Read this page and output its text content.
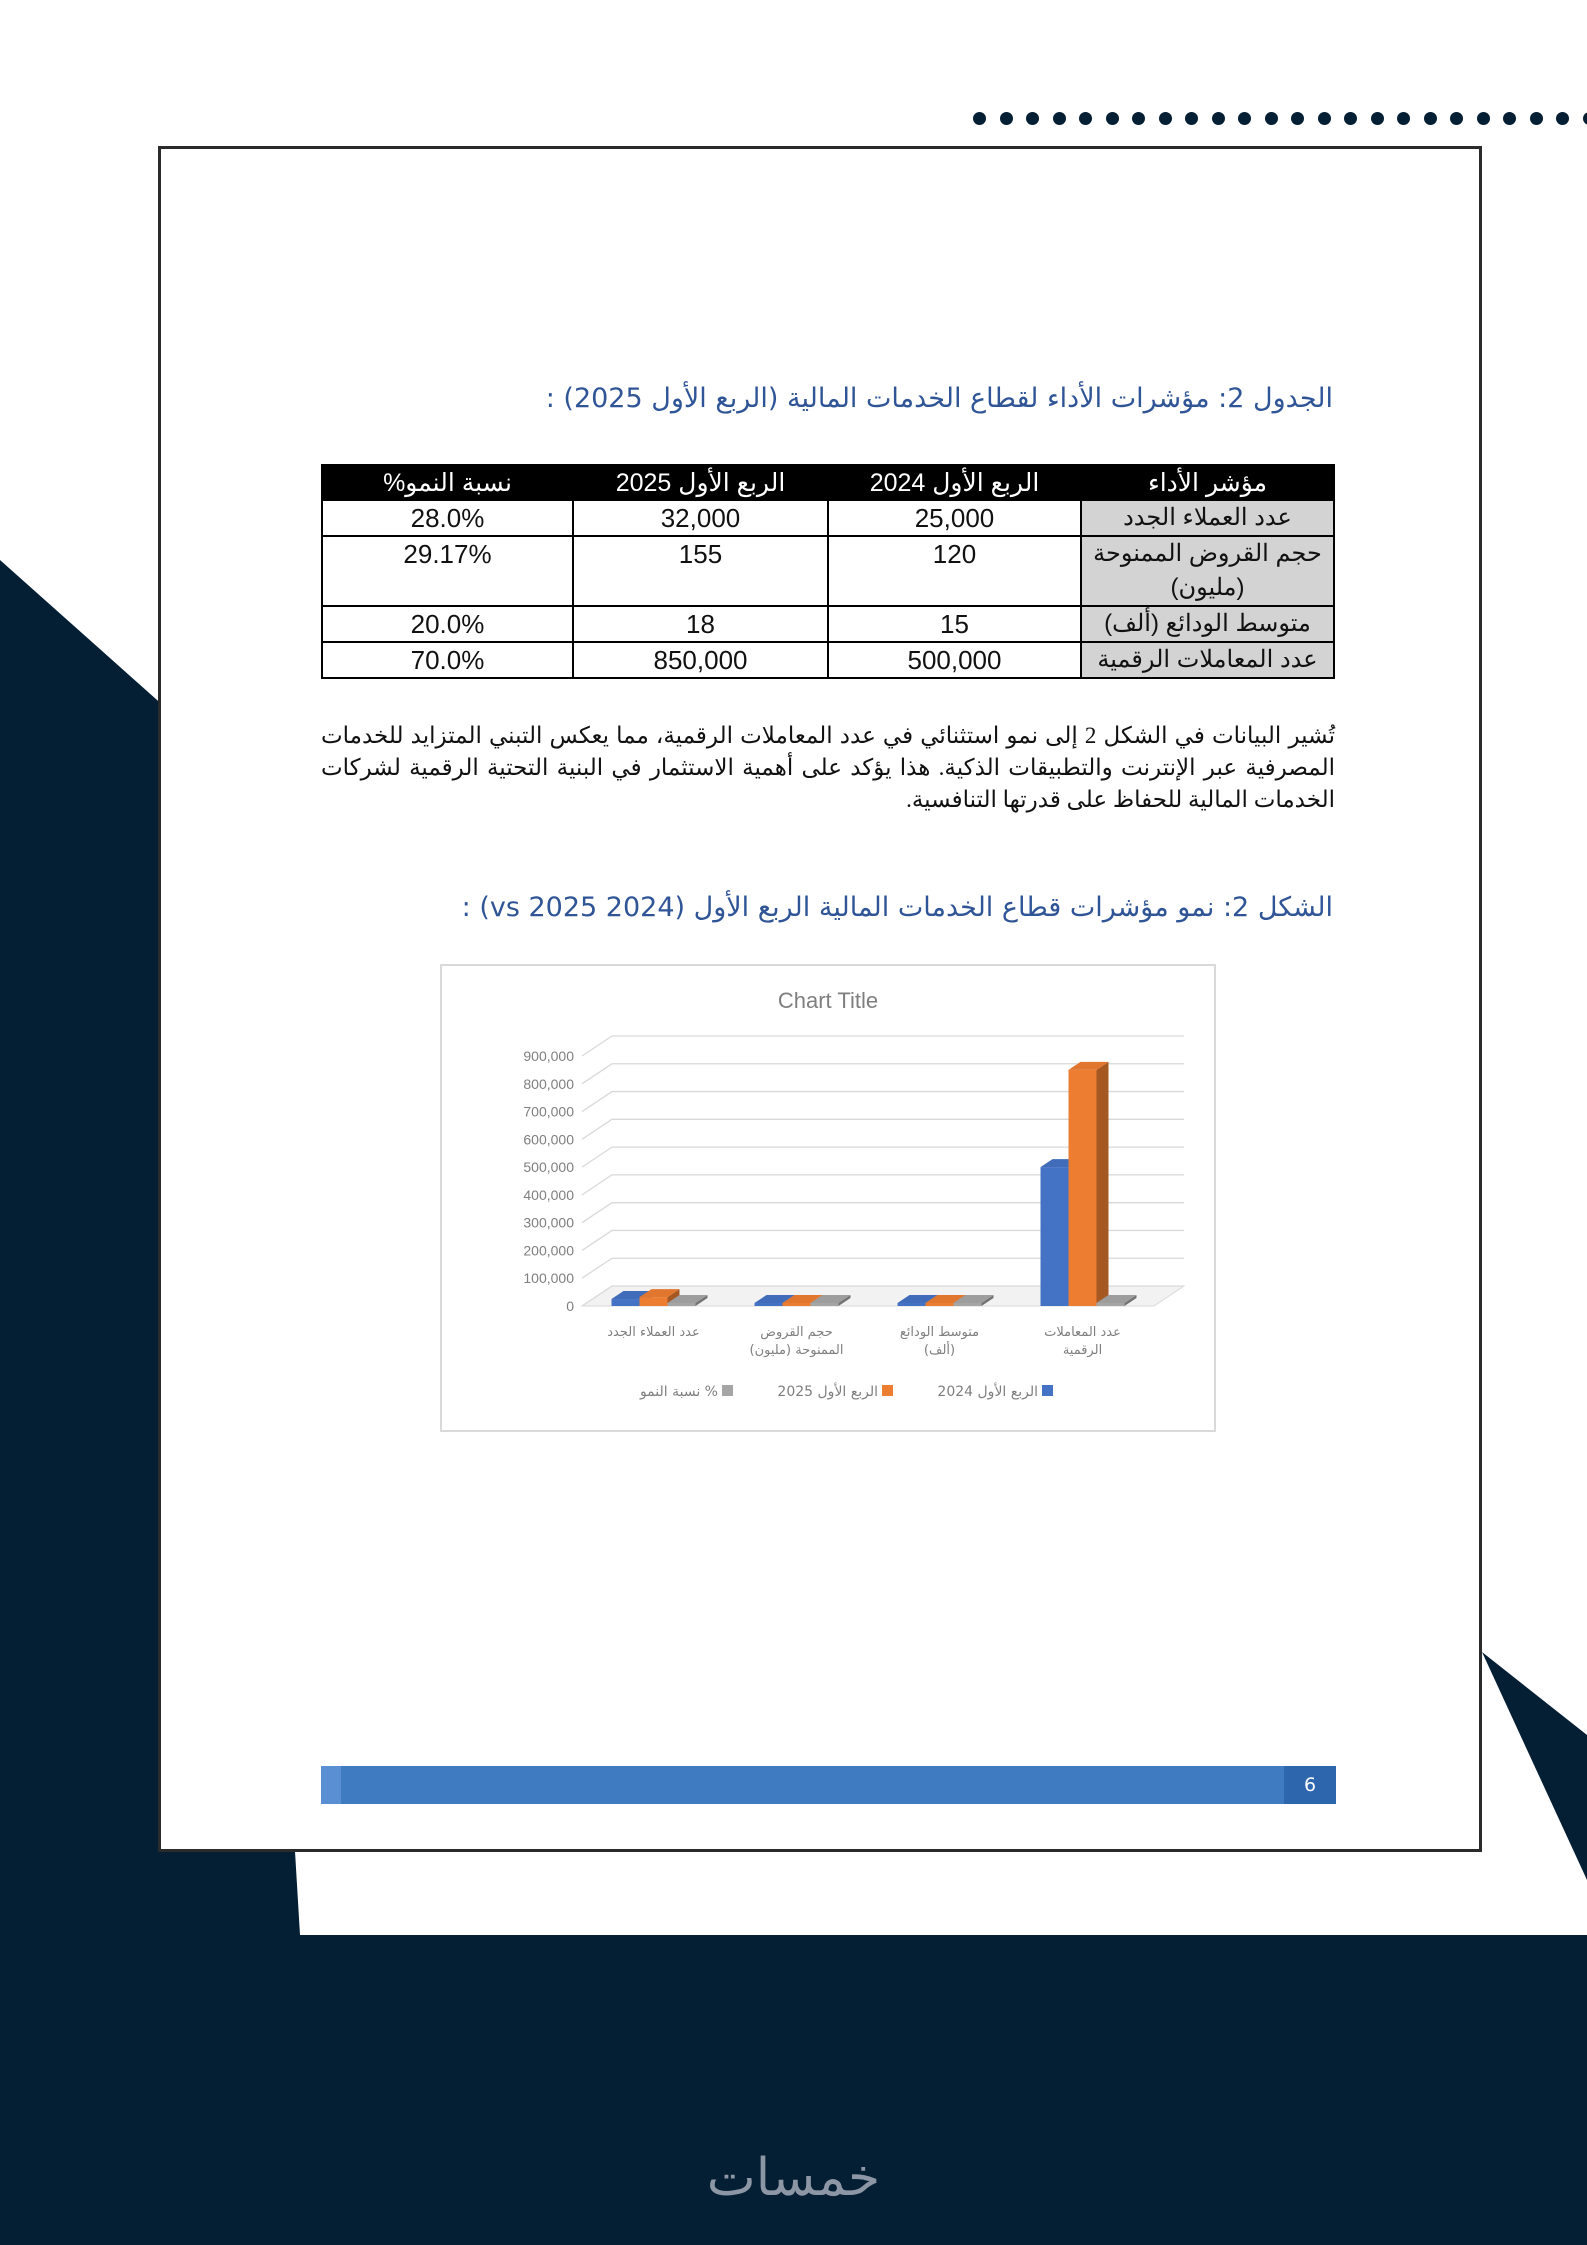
الجدول 2: مؤشرات الأداء لقطاع الخدمات المالية (الربع الأول 2025) :
مؤشر الأداء	الربع الأول 2024	الربع الأول 2025	نسبة النمو%
عدد العملاء الجدد	25,000	32,000	28.0%
حجم القروض الممنوحة (مليون)	120	155	29.17%
متوسط الودائع (ألف)	15	18	20.0%
عدد المعاملات الرقمية	500,000	850,000	70.0%
تُشير البيانات في الشكل 2 إلى نمو استثنائي في عدد المعاملات الرقمية، مما يعكس التبني المتزايد للخدمات المصرفية عبر الإنترنت والتطبيقات الذكية. هذا يؤكد على أهمية الاستثمار في البنية التحتية الرقمية لشركات الخدمات المالية للحفاظ على قدرتها التنافسية.
الشكل 2: نمو مؤشرات قطاع الخدمات المالية الربع الأول (2024 vs 2025) :
Chart Title
0
100,000
200,000
300,000
400,000
500,000
600,000
700,000
800,000
900,000
عدد العملاء الجدد	حجم القروض
الممنوحة (مليون)
متوسط الودائع
(ألف)
عدد المعاملات
الرقمية
الربع الأول 2024
الربع الأول 2025
نسبة النمو %
6
خمسات
